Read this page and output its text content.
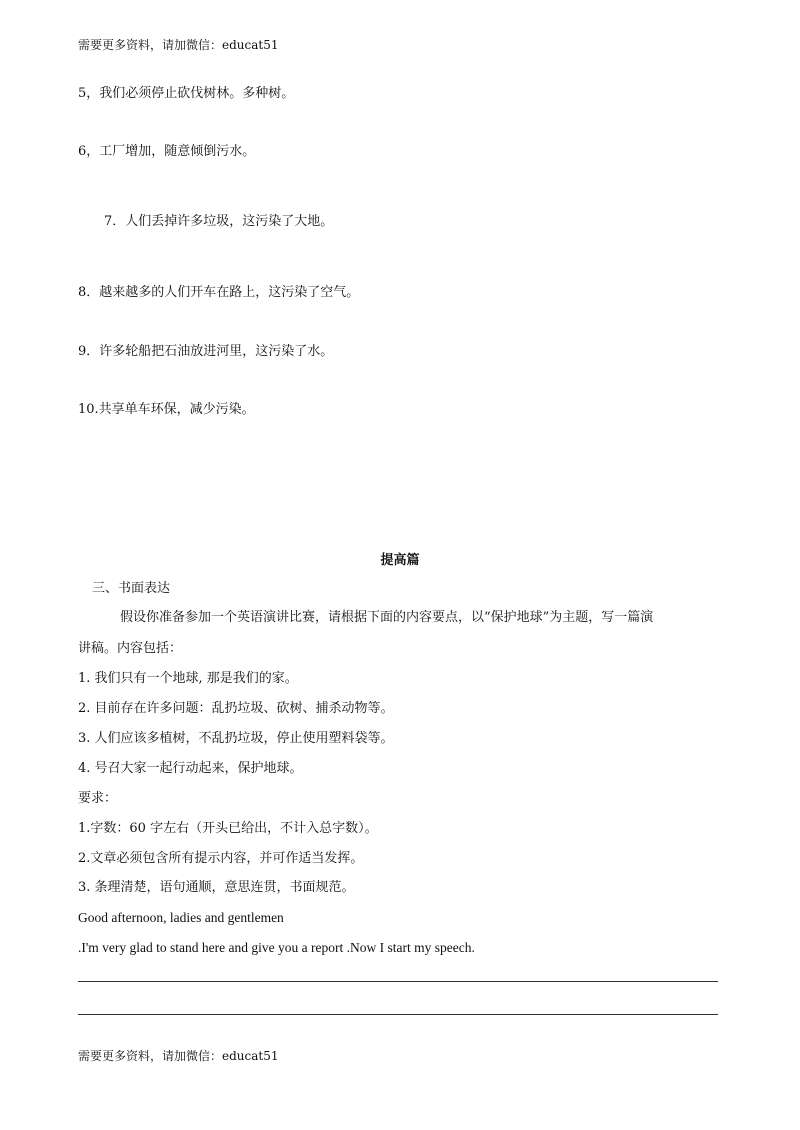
需要更多资料，请加微信：educat51
5，我们必须停止砍伐树林。多种树。
6，工厂增加，随意倾倒污水。
7．人们丢掉许多垃圾，这污染了大地。
8．越来越多的人们开车在路上，这污染了空气。
9．许多轮船把石油放进河里，这污染了水。
10.共享单车环保，减少污染。
提高篇
三、书面表达
假设你准备参加一个英语演讲比赛，请根据下面的内容要点，以“保护地球”为主题，写一篇演
讲稿。内容包括：
1. 我们只有一个地球, 那是我们的家。
2. 目前存在许多问题：乱扔垃圾、砍树、捕杀动物等。
3. 人们应该多植树，不乱扔垃圾，停止使用塑料袋等。
4. 号召大家一起行动起来，保护地球。
要求：
1.字数：60 字左右（开头已给出，不计入总字数）。
2.文章必须包含所有提示内容，并可作适当发挥。
3. 条理清楚，语句通顺，意思连贯，书面规范。
Good afternoon, ladies and gentlemen
.I'm very glad to stand here and give you a report .Now I start my speech.
需要更多资料，请加微信：educat51
